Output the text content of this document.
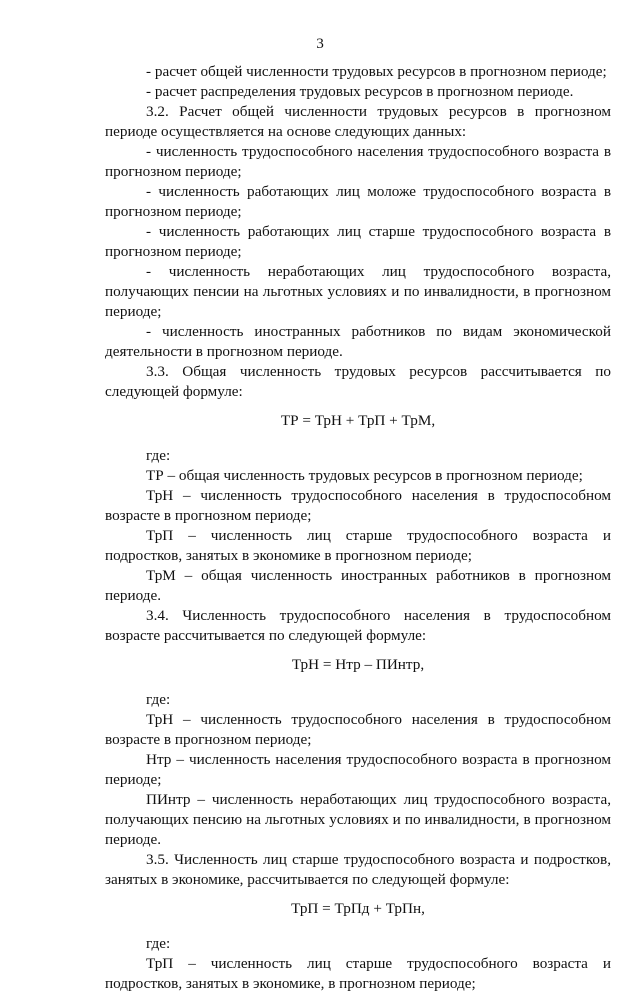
3

- расчет общей численности трудовых ресурсов в прогнозном периоде;

- расчет распределения трудовых ресурсов в прогнозном периоде.

3.2. Расчет общей численности трудовых ресурсов в прогнозном периоде осуществляется на основе следующих данных:

- численность трудоспособного населения трудоспособного возраста в прогнозном периоде;

- численность работающих лиц моложе трудоспособного возраста в прогнозном периоде;

- численность работающих лиц старше трудоспособного возраста в прогнозном периоде;

- численность неработающих лиц трудоспособного возраста, получающих пенсии на льготных условиях и по инвалидности, в прогнозном периоде;

- численность иностранных работников по видам экономической деятельности в прогнозном периоде.

3.3. Общая численность трудовых ресурсов рассчитывается по следующей формуле:

ТР = ТрН + ТрП + ТрМ,

где:

ТР – общая численность трудовых ресурсов в прогнозном периоде;

ТрН – численность трудоспособного населения в трудоспособном возрасте в прогнозном периоде;

ТрП – численность лиц старше трудоспособного возраста и подростков, занятых в экономике в прогнозном периоде;

ТрМ – общая численность иностранных работников в прогнозном периоде.

3.4. Численность трудоспособного населения в трудоспособном возрасте рассчитывается по следующей формуле:

ТрН = Нтр – ПИнтр,

где:

ТрН – численность трудоспособного населения в трудоспособном возрасте в прогнозном периоде;

Нтр – численность населения трудоспособного возраста в прогнозном периоде;

ПИнтр – численность неработающих лиц трудоспособного возраста, получающих пенсию на льготных условиях и по инвалидности, в прогнозном периоде.

3.5. Численность лиц старше трудоспособного возраста и подростков, занятых в экономике, рассчитывается по следующей формуле:

ТрП = ТрПд + ТрПн,

где:

ТрП – численность лиц старше трудоспособного возраста и подростков, занятых в экономике, в прогнозном периоде;
